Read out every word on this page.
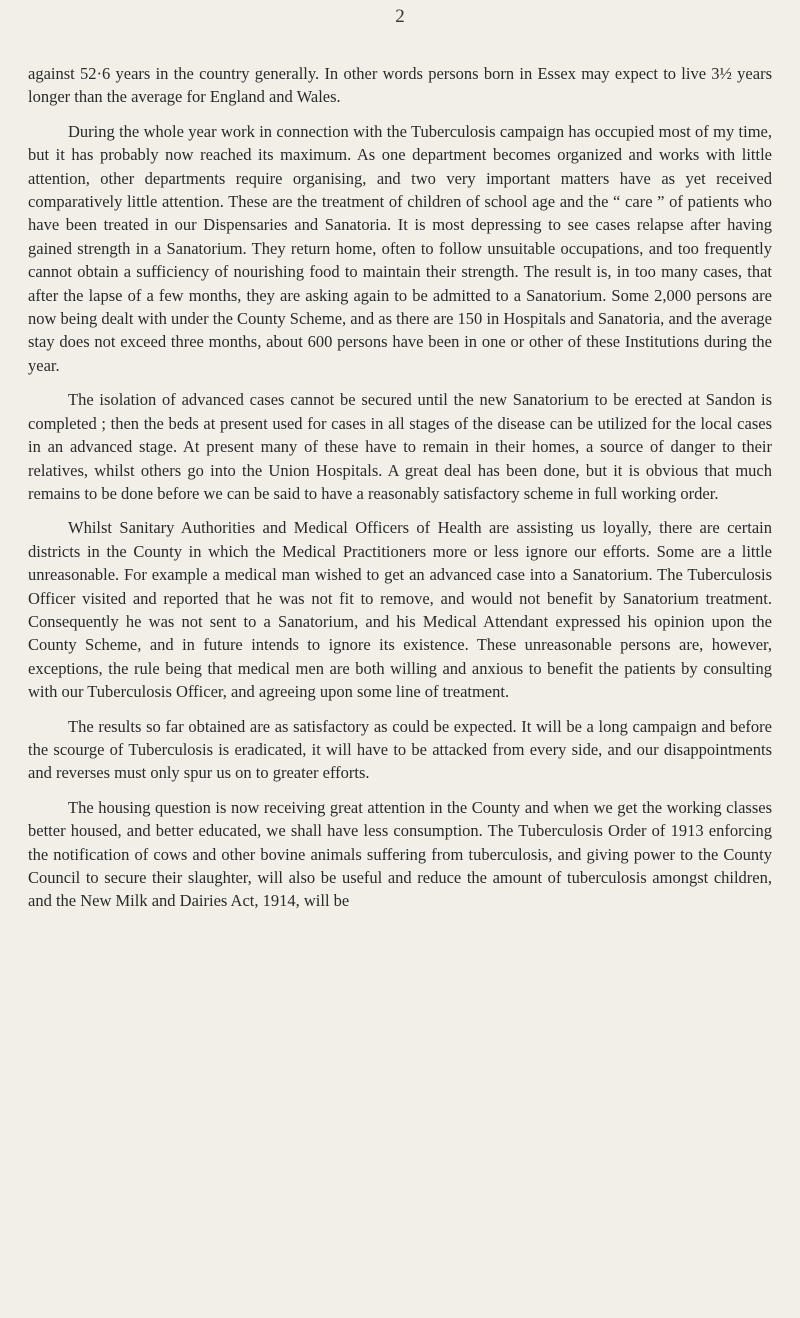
2

against 52·6 years in the country generally. In other words persons born in Essex may expect to live 3½ years longer than the average for England and Wales.

During the whole year work in connection with the Tuberculosis campaign has occupied most of my time, but it has probably now reached its maximum. As one department becomes organized and works with little attention, other departments require organising, and two very important matters have as yet received comparatively little attention. These are the treatment of children of school age and the “ care ” of patients who have been treated in our Dispensaries and Sanatoria. It is most depressing to see cases relapse after having gained strength in a Sanatorium. They return home, often to follow unsuitable occupations, and too frequently cannot obtain a sufficiency of nourishing food to maintain their strength. The result is, in too many cases, that after the lapse of a few months, they are asking again to be admitted to a Sanatorium. Some 2,000 persons are now being dealt with under the County Scheme, and as there are 150 in Hospitals and Sanatoria, and the average stay does not exceed three months, about 600 persons have been in one or other of these Institutions during the year.

The isolation of advanced cases cannot be secured until the new Sanatorium to be erected at Sandon is completed ; then the beds at present used for cases in all stages of the disease can be utilized for the local cases in an advanced stage. At present many of these have to remain in their homes, a source of danger to their relatives, whilst others go into the Union Hospitals. A great deal has been done, but it is obvious that much remains to be done before we can be said to have a reasonably satisfactory scheme in full working order.

Whilst Sanitary Authorities and Medical Officers of Health are assisting us loyally, there are certain districts in the County in which the Medical Practitioners more or less ignore our efforts. Some are a little unreasonable. For example a medical man wished to get an advanced case into a Sanatorium. The Tuberculosis Officer visited and reported that he was not fit to remove, and would not benefit by Sanatorium treatment. Consequently he was not sent to a Sanatorium, and his Medical Attendant expressed his opinion upon the County Scheme, and in future intends to ignore its existence. These unreasonable persons are, however, exceptions, the rule being that medical men are both willing and anxious to benefit the patients by consulting with our Tuberculosis Officer, and agreeing upon some line of treatment.

The results so far obtained are as satisfactory as could be expected. It will be a long campaign and before the scourge of Tuberculosis is eradicated, it will have to be attacked from every side, and our disappointments and reverses must only spur us on to greater efforts.

The housing question is now receiving great attention in the County and when we get the working classes better housed, and better educated, we shall have less consumption. The Tuberculosis Order of 1913 enforcing the notification of cows and other bovine animals suffering from tuberculosis, and giving power to the County Council to secure their slaughter, will also be useful and reduce the amount of tuberculosis amongst children, and the New Milk and Dairies Act, 1914, will be
